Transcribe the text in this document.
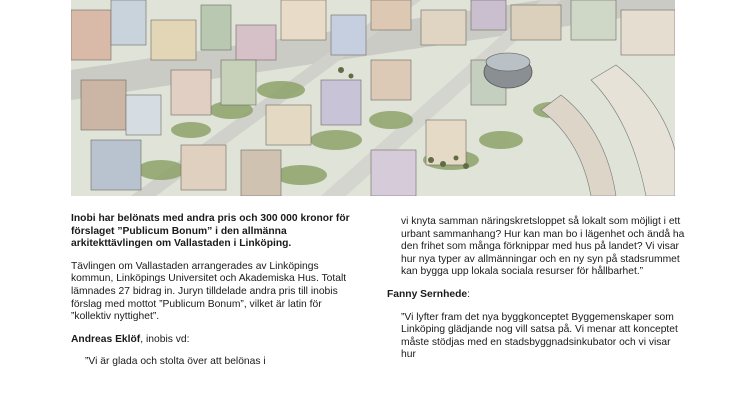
Inobi har belönats med andra pris och 300 000 kronor för förslaget ”Publicum Bonum” i den allmänna arkitekttävlingen om Vallastaden i Linköping.

Tävlingen om Vallastaden arrangerades av Linköpings kommun, Linköpings Universitet och Akademiska Hus. Totalt lämnades 27 bidrag in. Juryn tilldelade andra pris till inobis förslag med mottot ”Publicum Bonum”, vilket är latin för ”kollektiv nyttighet”.

Andreas Eklöf, inobis vd:

”Vi är glada och stolta över att belönas i

vi knyta samman näringskretsloppet så lokalt som möjligt i ett urbant sammanhang? Hur kan man bo i lägenhet och ändå ha den frihet som många förknippar med hus på landet? Vi visar hur nya typer av allmänningar och en ny syn på stadsrummet kan bygga upp lokala sociala resurser för hållbarhet.”

Fanny Sernhede:

”Vi lyfter fram det nya byggkonceptet Byggemenskaper som Linköping glädjande nog vill satsa på. Vi menar att konceptet måste stödjas med en stadsbyggnadsinkubator och vi visar hur
